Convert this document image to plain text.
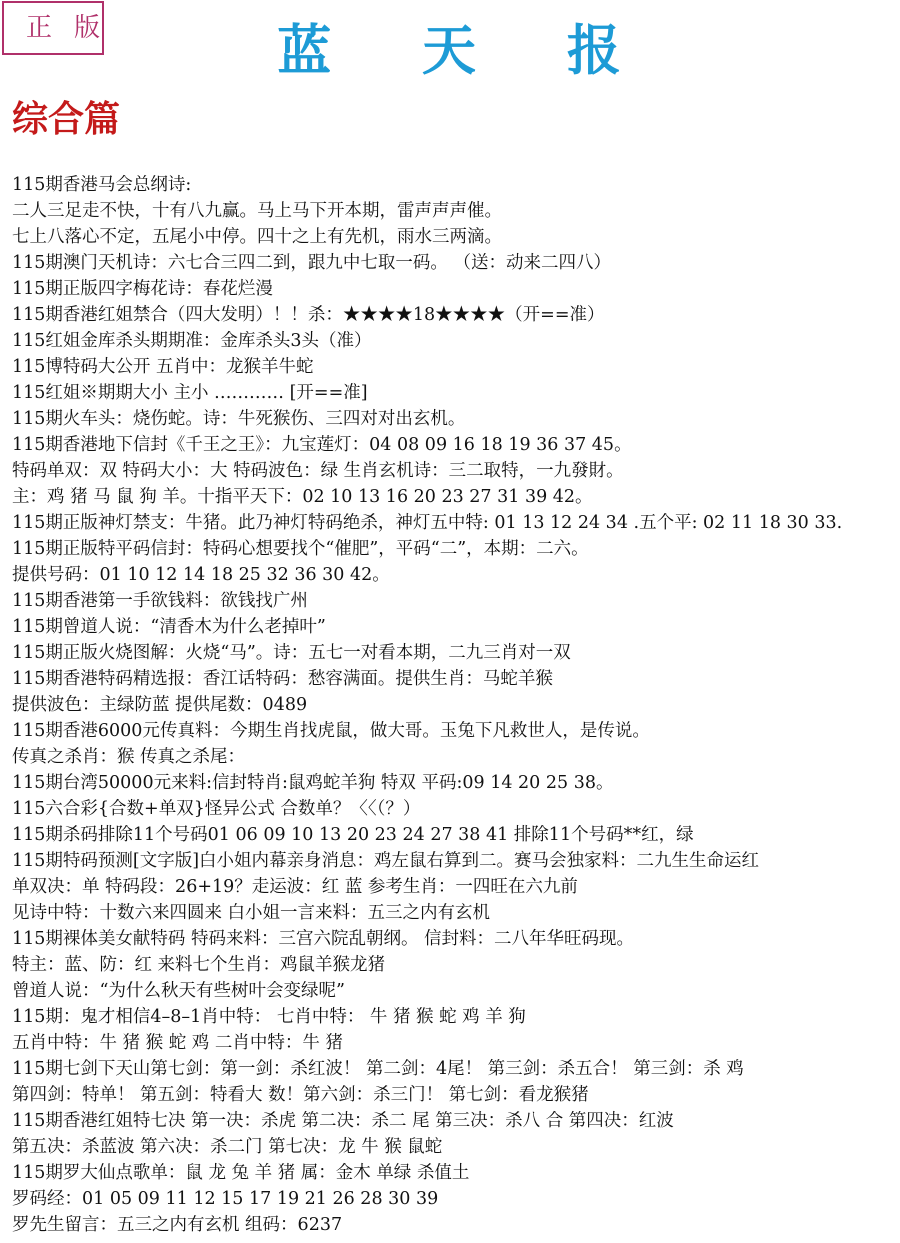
正版	蓝 天 报
综合篇
115期香港马会总纲诗:
二人三足走不快，十有八九赢。马上马下开本期，雷声声声催。
七上八落心不定，五尾小中停。四十之上有先机，雨水三两滴。
115期澳门天机诗：六七合三四二到，跟九中七取一码。 （送：动来二四八）
115期正版四字梅花诗：春花烂漫
115期香港红姐禁合（四大发明）！！杀：★★★★18★★★★（开==准）
115红姐金库杀头期期准：金库杀头3头（准）
115博特码大公开 五肖中：龙猴羊牛蛇
115红姐※期期大小 主小 ………… [开==准]
115期火车头：烧伤蛇。诗：牛死猴伤、三四对对出玄机。
115期香港地下信封《千王之王》：九宝莲灯：04 08 09 16 18 19 36 37 45。
特码单双：双 特码大小：大 特码波色：绿 生肖玄机诗：三二取特，一九發財。
主：鸡 猪 马 鼠 狗 羊。十指平天下：02 10 13 16 20 23 27 31 39 42。
115期正版神灯禁支：牛猪。此乃神灯特码绝杀，神灯五中特: 01 13 12 24 34 .五个平: 02 11 18 30 33.
115期正版特平码信封：特码心想要找个“催肥”，平码“二”，本期：二六。
提供号码：01 10 12 14 18 25 32 36 30 42。
115期香港第一手欲钱料：欲钱找广州
115期曾道人说：“清香木为什么老掉叶”
115期正版火烧图解：火烧“马”。诗：五七一对看本期，二九三肖对一双
115期香港特码精选报：香江话特码：愁容满面。提供生肖：马蛇羊猴
提供波色：主绿防蓝 提供尾数：0489
115期香港6000元传真料：今期生肖找虎鼠，做大哥。玉兔下凡救世人，是传说。
传真之杀肖：猴 传真之杀尾：
115期台湾50000元来料:信封特肖:鼠鸡蛇羊狗 特双 平码:09 14 20 25 38。
115六合彩{合数+单双}怪异公式 合数单？〈〈（？）
115期杀码排除11个号码01 06 09 10 13 20 23 24 27 38 41 排除11个号码**红，绿
115期特码预测[文字版]白小姐内幕亲身消息：鸡左鼠右算到二。赛马会独家料：二九生生命运红
单双决：单 特码段：26+19？走运波：红 蓝 参考生肖：一四旺在六九前
见诗中特：十数六来四圆来 白小姐一言来料：五三之内有玄机
115期裸体美女献特码 特码来料：三宫六院乱朝纲。 信封料：二八年华旺码现。
特主：蓝、防：红 来料七个生肖：鸡鼠羊猴龙猪
曾道人说：“为什么秋天有些树叶会变绿呢”
115期：鬼才相信4–8–1肖中特： 七肖中特： 牛 猪 猴 蛇 鸡 羊 狗
五肖中特：牛 猪 猴 蛇 鸡 二肖中特：牛 猪
115期七剑下天山第七剑：第一剑：杀红波！ 第二剑：4尾！ 第三剑：杀五合！ 第三剑：杀 鸡
第四剑：特单！ 第五剑：特看大 数！第六剑：杀三门！ 第七剑：看龙猴猪
115期香港红姐特七决 第一决：杀虎 第二决：杀二 尾 第三决：杀八 合 第四决：红波
第五决：杀蓝波 第六决：杀二门 第七决：龙 牛 猴 鼠蛇
115期罗大仙点歌单：鼠 龙 兔 羊 猪 属：金木 单绿 杀值土
罗码经：01 05 09 11 12 15 17 19 21 26 28 30 39
罗先生留言：五三之内有玄机 组码：6237
